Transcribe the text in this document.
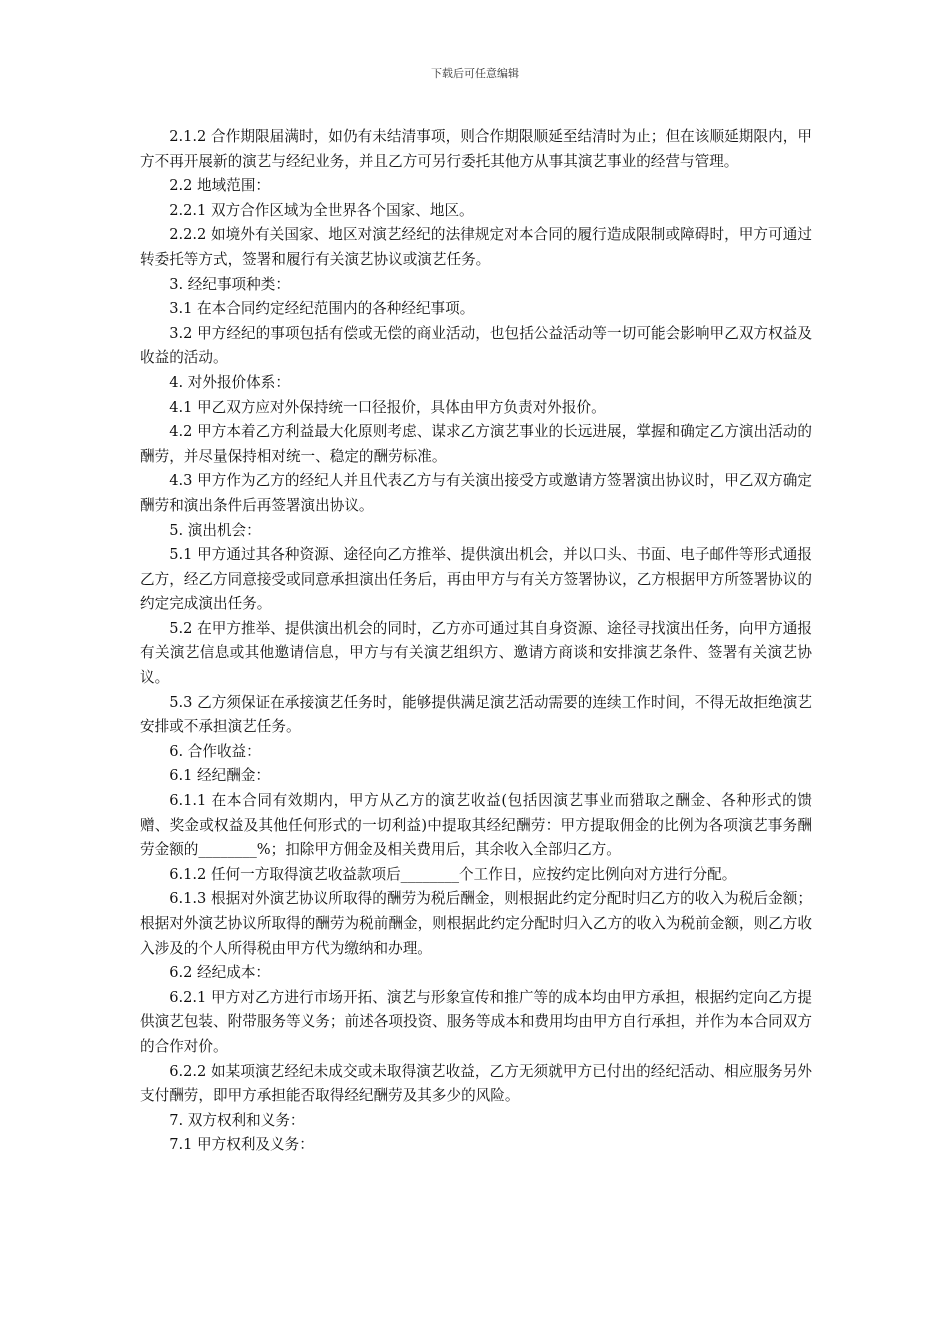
下载后可任意编辑

2.1.2 合作期限届满时，如仍有未结清事项，则合作期限顺延至结清时为止；但在该顺延期限内，甲方不再开展新的演艺与经纪业务，并且乙方可另行委托其他方从事其演艺事业的经营与管理。

2.2 地域范围：

2.2.1 双方合作区域为全世界各个国家、地区。

2.2.2 如境外有关国家、地区对演艺经纪的法律规定对本合同的履行造成限制或障碍时，甲方可通过转委托等方式，签署和履行有关演艺协议或演艺任务。

3. 经纪事项种类：

3.1 在本合同约定经纪范围内的各种经纪事项。

3.2 甲方经纪的事项包括有偿或无偿的商业活动，也包括公益活动等一切可能会影响甲乙双方权益及收益的活动。

4. 对外报价体系：

4.1 甲乙双方应对外保持统一口径报价，具体由甲方负责对外报价。

4.2 甲方本着乙方利益最大化原则考虑、谋求乙方演艺事业的长远进展，掌握和确定乙方演出活动的酬劳，并尽量保持相对统一、稳定的酬劳标准。

4.3 甲方作为乙方的经纪人并且代表乙方与有关演出接受方或邀请方签署演出协议时，甲乙双方确定酬劳和演出条件后再签署演出协议。

5. 演出机会：

5.1 甲方通过其各种资源、途径向乙方推举、提供演出机会，并以口头、书面、电子邮件等形式通报乙方，经乙方同意接受或同意承担演出任务后，再由甲方与有关方签署协议，乙方根据甲方所签署协议的约定完成演出任务。

5.2 在甲方推举、提供演出机会的同时，乙方亦可通过其自身资源、途径寻找演出任务，向甲方通报有关演艺信息或其他邀请信息，甲方与有关演艺组织方、邀请方商谈和安排演艺条件、签署有关演艺协议。

5.3 乙方须保证在承接演艺任务时，能够提供满足演艺活动需要的连续工作时间，不得无故拒绝演艺安排或不承担演艺任务。

6. 合作收益：

6.1 经纪酬金：

6.1.1 在本合同有效期内，甲方从乙方的演艺收益(包括因演艺事业而猎取之酬金、各种形式的馈赠、奖金或权益及其他任何形式的一切利益)中提取其经纪酬劳：甲方提取佣金的比例为各项演艺事务酬劳金额的________%；扣除甲方佣金及相关费用后，其余收入全部归乙方。

6.1.2 任何一方取得演艺收益款项后________个工作日，应按约定比例向对方进行分配。

6.1.3 根据对外演艺协议所取得的酬劳为税后酬金，则根据此约定分配时归乙方的收入为税后金额；根据对外演艺协议所取得的酬劳为税前酬金，则根据此约定分配时归入乙方的收入为税前金额，则乙方收入涉及的个人所得税由甲方代为缴纳和办理。

6.2 经纪成本：

6.2.1 甲方对乙方进行市场开拓、演艺与形象宣传和推广等的成本均由甲方承担，根据约定向乙方提供演艺包装、附带服务等义务；前述各项投资、服务等成本和费用均由甲方自行承担，并作为本合同双方的合作对价。

6.2.2 如某项演艺经纪未成交或未取得演艺收益，乙方无须就甲方已付出的经纪活动、相应服务另外支付酬劳，即甲方承担能否取得经纪酬劳及其多少的风险。

7. 双方权利和义务：

7.1 甲方权利及义务：
